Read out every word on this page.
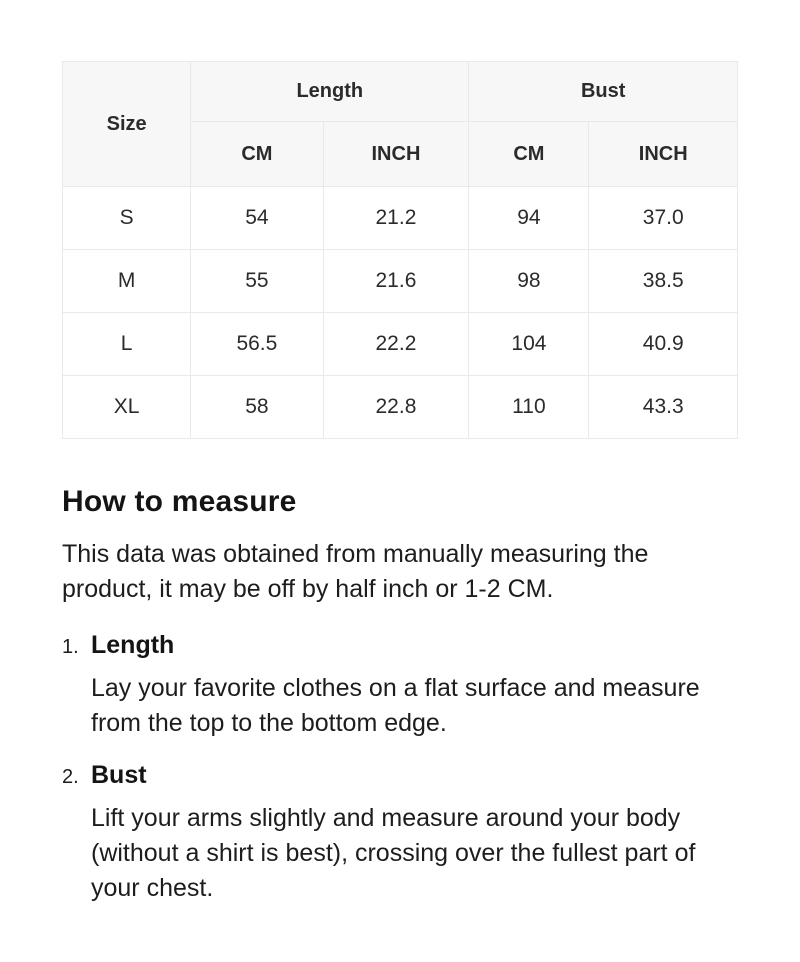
Size	Length		Bust	
	CM	INCH	CM	INCH
S	54	21.2	94	37.0
M	55	21.6	98	38.5
L	56.5	22.2	104	40.9
XL	58	22.8	110	43.3
How to measure

This data was obtained from manually measuring the product, it may be off by half inch or 1-2 CM.

1. Length

Lay your favorite clothes on a flat surface and measure from the top to the bottom edge.

2. Bust

Lift your arms slightly and measure around your body (without a shirt is best), crossing over the fullest part of your chest.
